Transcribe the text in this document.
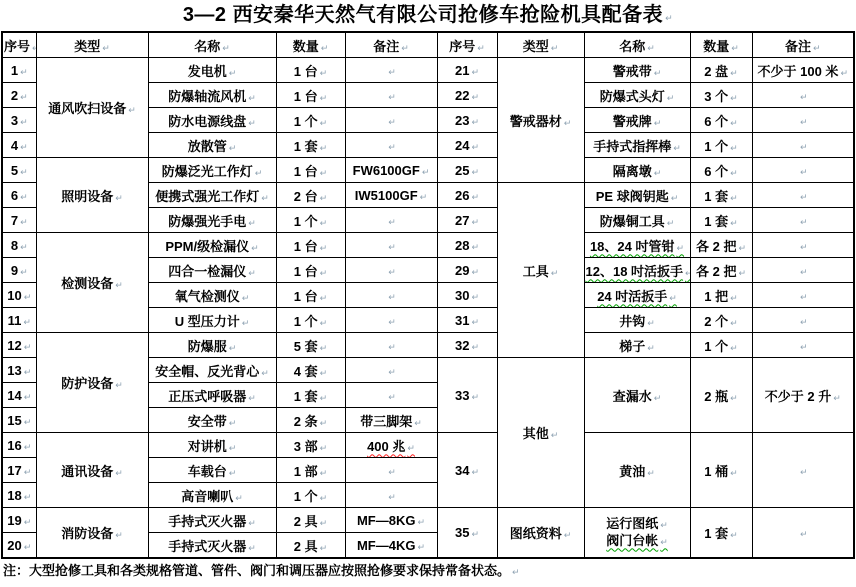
3—2 西安秦华天然气有限公司抢修车抢险机具配备表 ↵
序号 ↵	类型 ↵	名称 ↵	数量 ↵	备注 ↵	序号 ↵	类型 ↵	名称 ↵	数量 ↵	备注 ↵
1 ↵	通风吹扫设备 ↵	发电机 ↵	1 台 ↵	↵	21 ↵	警戒器材 ↵	警戒带 ↵	2 盘 ↵	不少于 100 米 ↵
2 ↵		防爆轴流风机 ↵	1 台 ↵	↵	22 ↵		防爆式头灯 ↵	3 个 ↵	↵
3 ↵		防水电源线盘 ↵	1 个 ↵	↵	23 ↵		警戒牌 ↵	6 个 ↵	↵
4 ↵		放散管 ↵	1 套 ↵	↵	24 ↵		手持式指挥棒 ↵	1 个 ↵	↵
5 ↵	照明设备 ↵	防爆泛光工作灯 ↵	1 台 ↵	FW6100GF ↵	25 ↵		隔离墩 ↵	6 个 ↵	↵
6 ↵		便携式强光工作灯 ↵	2 台 ↵	IW5100GF ↵	26 ↵	工具 ↵	PE 球阀钥匙 ↵	1 套 ↵	↵
7 ↵		防爆强光手电 ↵	1 个 ↵	↵	27 ↵		防爆铜工具 ↵	1 套 ↵	↵
8 ↵	检测设备 ↵	PPM/级检漏仪 ↵	1 台 ↵	↵	28 ↵		18、24 吋管钳 ↵	各 2 把 ↵	↵
9 ↵		四合一检漏仪 ↵	1 台 ↵	↵	29 ↵		12、18 吋活扳手 ↵	各 2 把 ↵	↵
10 ↵		氧气检测仪 ↵	1 台 ↵	↵	30 ↵		24 吋活扳手 ↵	1 把 ↵	↵
11 ↵		U 型压力计 ↵	1 个 ↵	↵	31 ↵		井钩 ↵	2 个 ↵	↵
12 ↵	防护设备 ↵	防爆服 ↵	5 套 ↵	↵	32 ↵		梯子 ↵	1 个 ↵	↵
13 ↵		安全帽、反光背心 ↵	4 套 ↵	↵	33 ↵	其他 ↵	查漏水 ↵	2 瓶 ↵	不少于 2 升 ↵
14 ↵		正压式呼吸器 ↵	1 套 ↵	↵
15 ↵		安全带 ↵	2 条 ↵	带三脚架 ↵
16 ↵	通讯设备 ↵	对讲机 ↵	3 部 ↵	400 兆 ↵	34 ↵		黄油 ↵	1 桶 ↵	↵
17 ↵		车载台 ↵	1 部 ↵	↵
18 ↵		高音喇叭 ↵	1 个 ↵	↵
19 ↵	消防设备 ↵	手持式灭火器 ↵	2 具 ↵	MF—8KG ↵	35 ↵	图纸资料 ↵	运行图纸 ↵
阀门台帐 ↵	1 套 ↵	↵
20 ↵		手持式灭火器 ↵	2 具 ↵	MF—4KG ↵
注：大型抢修工具和各类规格管道、管件、阀门和调压器应按照抢修要求保持常备状态。 ↵
